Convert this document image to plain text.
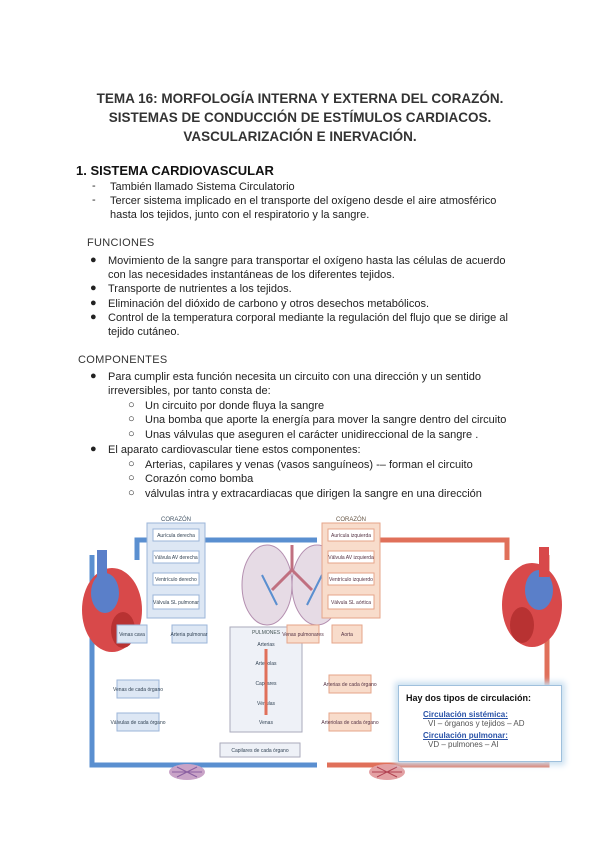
TEMA 16: MORFOLOGÍA INTERNA Y EXTERNA DEL CORAZÓN.
SISTEMAS DE CONDUCCIÓN DE ESTÍMULOS CARDIACOS.
VASCULARIZACIÓN E INERVACIÓN.
1. SISTEMA CARDIOVASCULAR
- También llamado Sistema Circulatorio
- Tercer sistema implicado en el transporte del oxígeno desde el aire atmosférico
hasta los tejidos, junto con el respiratorio y la sangre.
FUNCIONES
● Movimiento de la sangre para transportar el oxígeno hasta las células de acuerdo
con las necesidades instantáneas de los diferentes tejidos.
● Transporte de nutrientes a los tejidos.
● Eliminación del dióxido de carbono y otros desechos metabólicos.
● Control de la temperatura corporal mediante la regulación del flujo que se dirige al
tejido cutáneo.
COMPONENTES
● Para cumplir esta función necesita un circuito con una dirección y un sentido
irreversibles, por tanto consta de:
○ Un circuito por donde fluya la sangre
○ Una bomba que aporte la energía para mover la sangre dentro del circuito
○ Unas válvulas que aseguren el carácter unidireccional de la sangre .
● El aparato cardiovascular tiene estos componentes:
○ Arterias, capilares y venas (vasos sanguíneos) -– forman el circuito
○ Corazón como bomba
○ válvulas intra y extracardiacas que dirigen la sangre en una dirección
CORAZÓN
Aurícula derecha
Válvula AV derecha
Ventrículo derecho
Válvula SL pulmonar
CORAZÓN
Aurícula izquierda
Válvula AV izquierda
Ventrículo izquierdo
Válvula SL aórtica
PULMONES
Arterias
Arteriolas
Capilares
Vénulas
Venas
Venas cava	Arteria pulmonar
Venas de cada órgano
Válvulas de cada órgano
Venas pulmonares	Aorta
Arterias de cada órgano
Arteriolas de cada órgano
Capilares de cada órgano
Hay dos tipos de circulación:
Circulación sistémica:
VI – órganos y tejidos – AD
Circulación pulmonar:
VD – pulmones – AI
